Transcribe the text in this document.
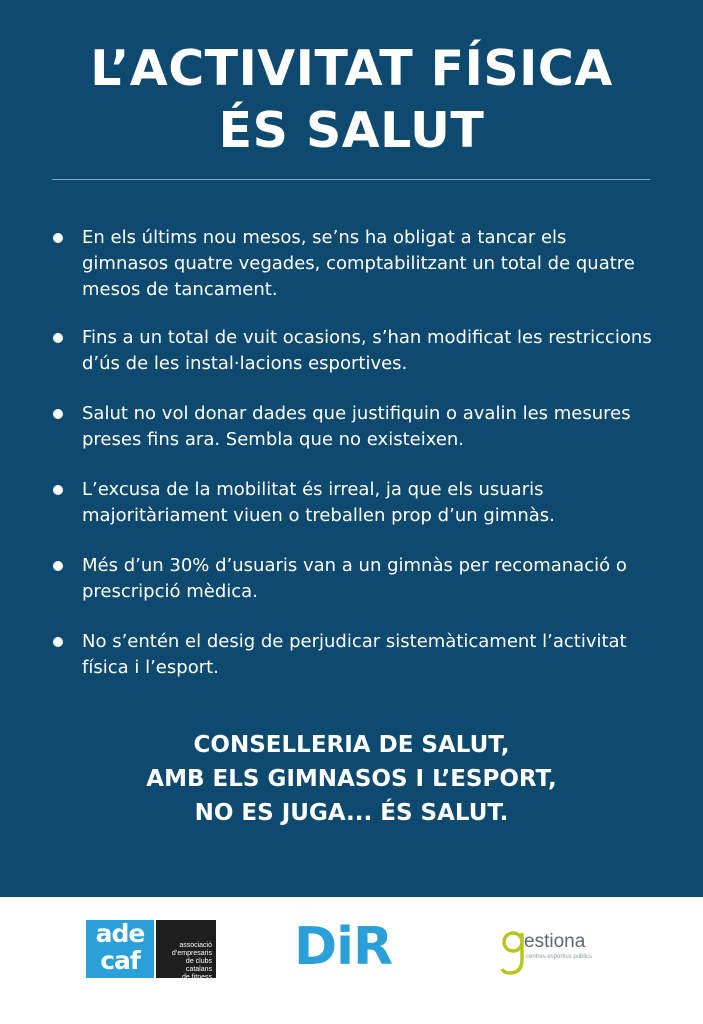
L’ACTIVITAT FÍSICA
ÉS SALUT
En els últims nou mesos, se’ns ha obligat a tancar els gimnasos quatre vegades, comptabilitzant un total de quatre mesos de tancament.
Fins a un total de vuit ocasions, s’han modificat les restriccions d’ús de les instal·lacions esportives.
Salut no vol donar dades que justifiquin o avalin les mesures preses fins ara. Sembla que no existeixen.
L’excusa de la mobilitat és irreal, ja que els usuaris majoritàriament viuen o treballen prop d’un gimnàs.
Més d’un 30% d’usuaris van a un gimnàs per recomanació o prescripció mèdica.
No s’entén el desig de perjudicar sistemàticament l’activitat física i l’esport.

CONSELLERIA DE SALUT,
AMB ELS GIMNASOS I L’ESPORT,
NO ES JUGA... ÉS SALUT.

ade
caf
associació
d’empresaris
de clubs
catalans
de fitness
DiR	estiona
centres esportius públics
